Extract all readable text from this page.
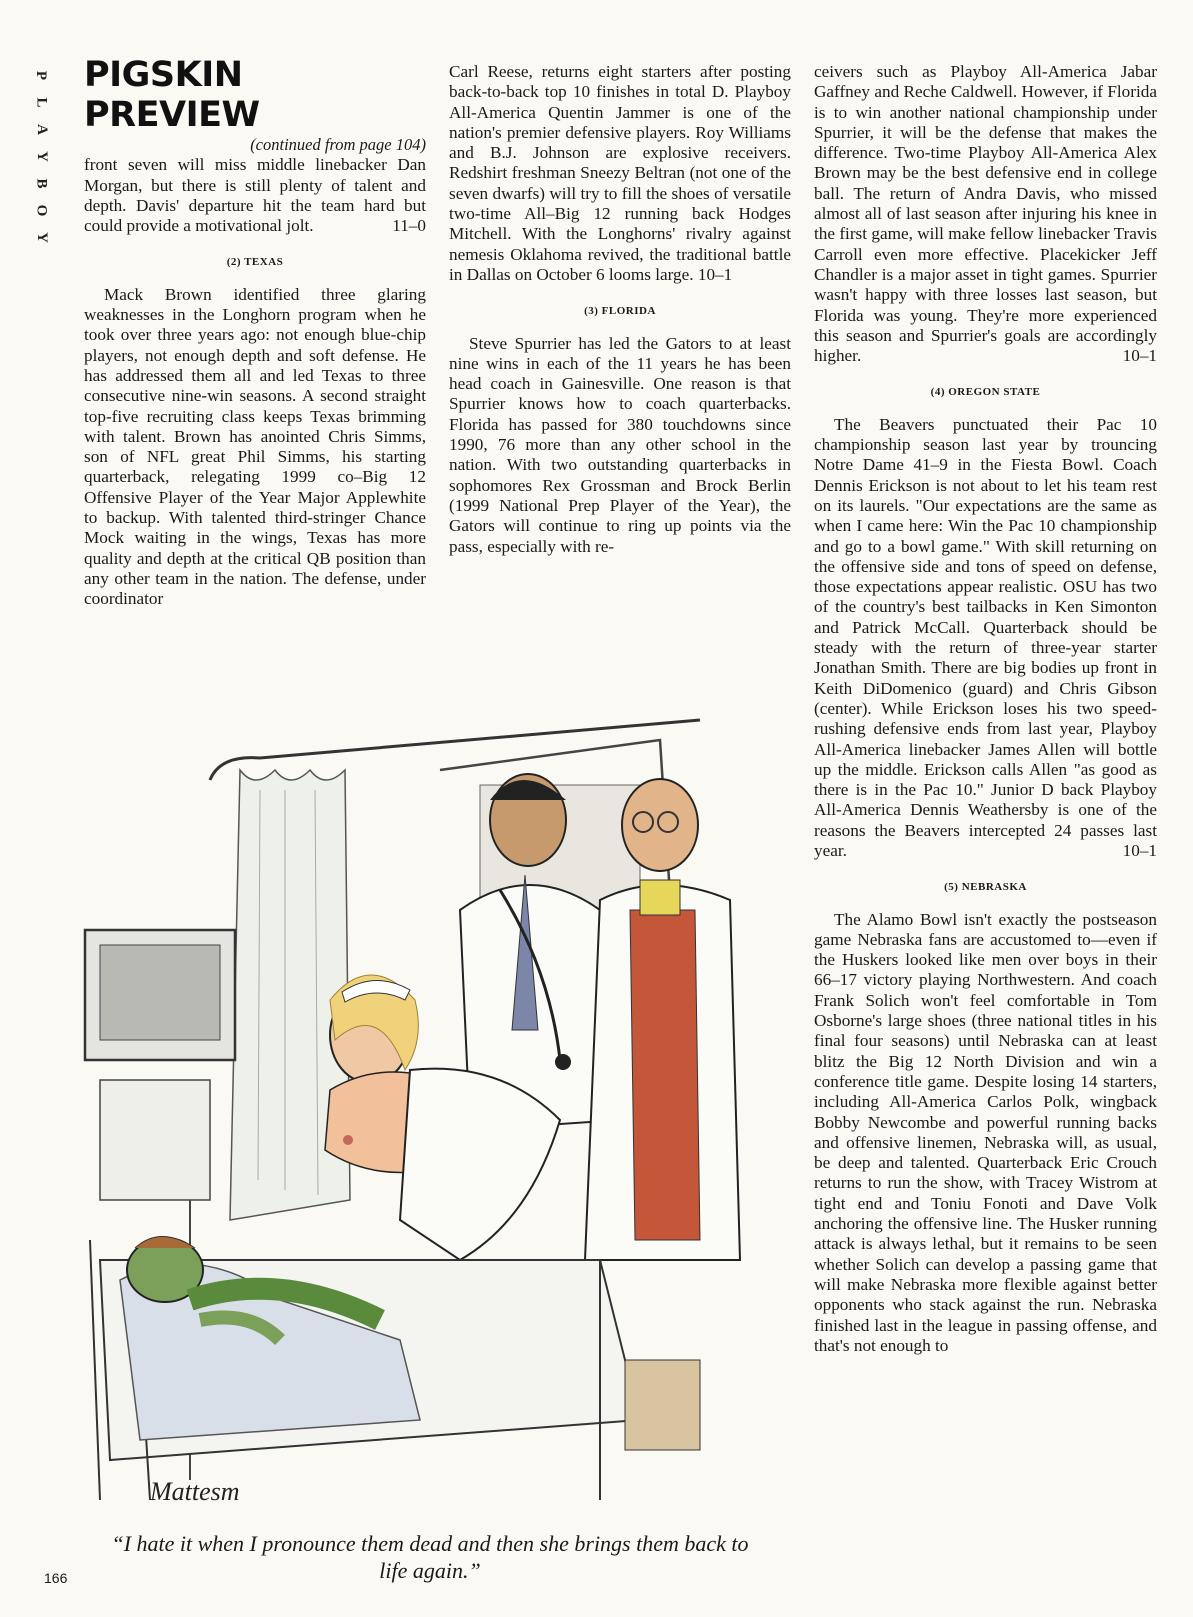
P
L
A
Y
B
O
Y
PIGSKIN PREVIEW
(continued from page 104)

front seven will miss middle linebacker Dan Morgan, but there is still plenty of talent and depth. Davis' departure hit the team hard but could provide a motivational jolt.	11–0

(2) TEXAS

Mack Brown identified three glaring weaknesses in the Longhorn program when he took over three years ago: not enough blue-chip players, not enough depth and soft defense. He has addressed them all and led Texas to three consecutive nine-win seasons. A second straight top-five recruiting class keeps Texas brimming with talent. Brown has anointed Chris Simms, son of NFL great Phil Simms, his starting quarterback, relegating 1999 co–Big 12 Offensive Player of the Year Major Applewhite to backup. With talented third-stringer Chance Mock waiting in the wings, Texas has more quality and depth at the critical QB position than any other team in the nation. The defense, under coordinator

Carl Reese, returns eight starters after posting back-to-back top 10 finishes in total D. Playboy All-America Quentin Jammer is one of the nation's premier defensive players. Roy Williams and B.J. Johnson are explosive receivers. Redshirt freshman Sneezy Beltran (not one of the seven dwarfs) will try to fill the shoes of versatile two-time All–Big 12 running back Hodges Mitchell. With the Longhorns' rivalry against nemesis Oklahoma revived, the traditional battle in Dallas on October 6 looms large. 10–1

(3) FLORIDA

Steve Spurrier has led the Gators to at least nine wins in each of the 11 years he has been head coach in Gainesville. One reason is that Spurrier knows how to coach quarterbacks. Florida has passed for 380 touchdowns since 1990, 76 more than any other school in the nation. With two outstanding quarterbacks in sophomores Rex Grossman and Brock Berlin (1999 National Prep Player of the Year), the Gators will continue to ring up points via the pass, especially with re-

ceivers such as Playboy All-America Jabar Gaffney and Reche Caldwell. However, if Florida is to win another national championship under Spurrier, it will be the defense that makes the difference. Two-time Playboy All-America Alex Brown may be the best defensive end in college ball. The return of Andra Davis, who missed almost all of last season after injuring his knee in the first game, will make fellow linebacker Travis Carroll even more effective. Placekicker Jeff Chandler is a major asset in tight games. Spurrier wasn't happy with three losses last season, but Florida was young. They're more experienced this season and Spurrier's goals are accordingly higher.	10–1

(4) OREGON STATE

The Beavers punctuated their Pac 10 championship season last year by trouncing Notre Dame 41–9 in the Fiesta Bowl. Coach Dennis Erickson is not about to let his team rest on its laurels. "Our expectations are the same as when I came here: Win the Pac 10 championship and go to a bowl game." With skill returning on the offensive side and tons of speed on defense, those expectations appear realistic. OSU has two of the country's best tailbacks in Ken Simonton and Patrick McCall. Quarterback should be steady with the return of three-year starter Jonathan Smith. There are big bodies up front in Keith DiDomenico (guard) and Chris Gibson (center). While Erickson loses his two speed-rushing defensive ends from last year, Playboy All-America linebacker James Allen will bottle up the middle. Erickson calls Allen "as good as there is in the Pac 10." Junior D back Playboy All-America Dennis Weathersby is one of the reasons the Beavers intercepted 24 passes last year.	10–1

(5) NEBRASKA

The Alamo Bowl isn't exactly the postseason game Nebraska fans are accustomed to—even if the Huskers looked like men over boys in their 66–17 victory playing Northwestern. And coach Frank Solich won't feel comfortable in Tom Osborne's large shoes (three national titles in his final four seasons) until Nebraska can at least blitz the Big 12 North Division and win a conference title game. Despite losing 14 starters, including All-America Carlos Polk, wingback Bobby Newcombe and powerful running backs and offensive linemen, Nebraska will, as usual, be deep and talented. Quarterback Eric Crouch returns to run the show, with Tracey Wistrom at tight end and Toniu Fonoti and Dave Volk anchoring the offensive line. The Husker running attack is always lethal, but it remains to be seen whether Solich can develop a passing game that will make Nebraska more flexible against better opponents who stack against the run. Nebraska finished last in the league in passing offense, and that's not enough to

Mattesm
“I hate it when I pronounce them dead and then she brings them back to life again.”
166
